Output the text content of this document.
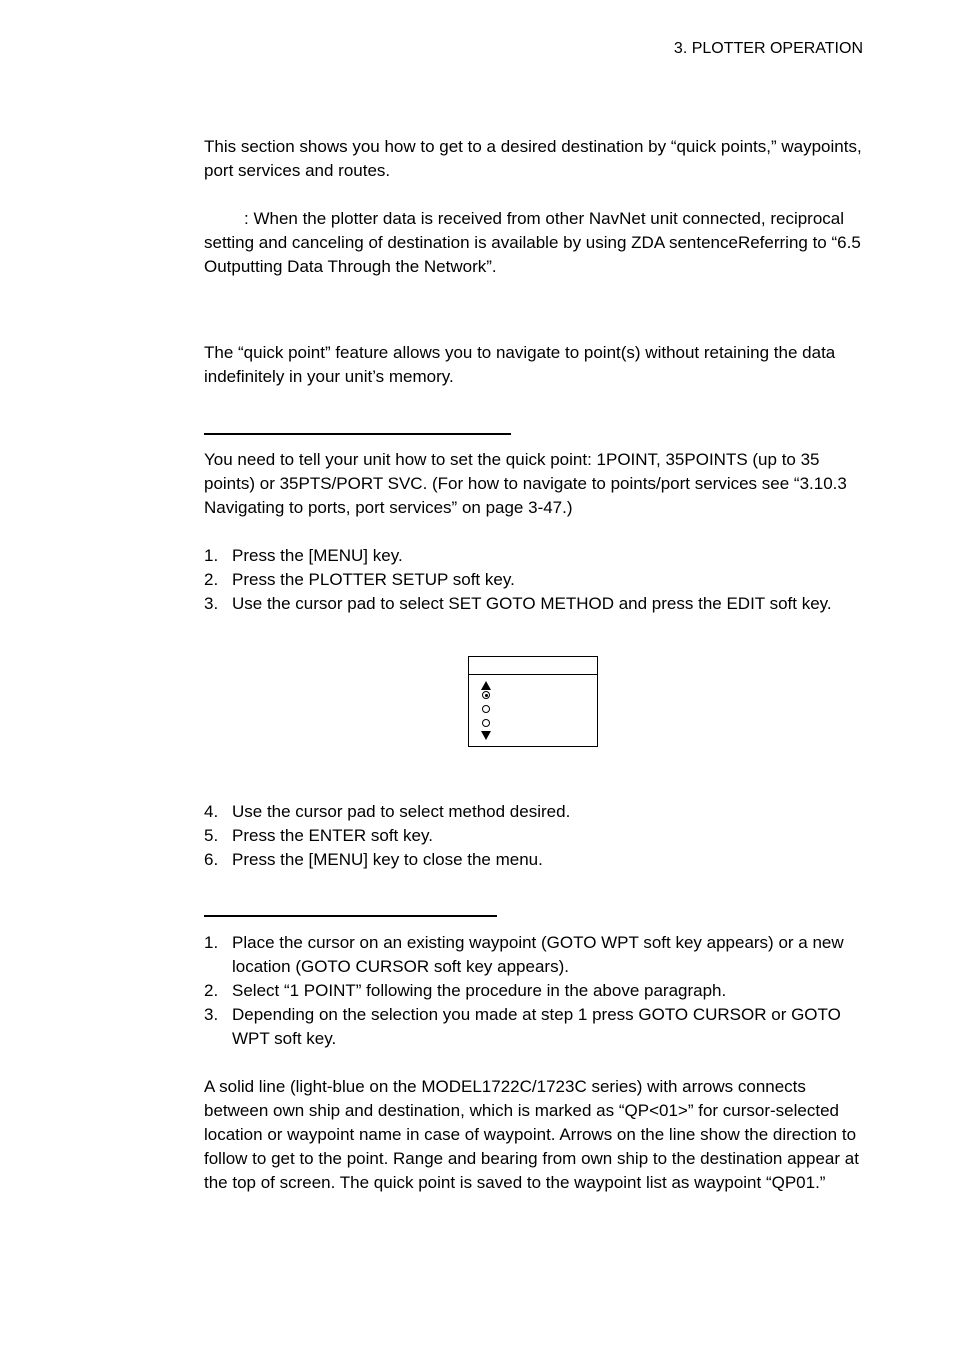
3. PLOTTER OPERATION

This section shows you how to get to a desired destination by “quick points,” waypoints, port services and routes.

: When the plotter data is received from other NavNet unit connected, reciprocal setting and canceling of destination is available by using ZDA sentenceReferring to “6.5 Outputting Data Through the Network”.

The “quick point” feature allows you to navigate to point(s) without retaining the data indefinitely in your unit’s memory.

You need to tell your unit how to set the quick point: 1POINT, 35POINTS (up to 35 points) or 35PTS/PORT SVC. (For how to navigate to points/port services see “3.10.3 Navigating to ports, port services” on page 3-47.)

1. Press the [MENU] key.
2. Press the PLOTTER SETUP soft key.
3. Use the cursor pad to select SET GOTO METHOD and press the EDIT soft key.
4. Use the cursor pad to select method desired.
5. Press the ENTER soft key.
6. Press the [MENU] key to close the menu.
1. Place the cursor on an existing waypoint (GOTO WPT soft key appears) or a new location (GOTO CURSOR soft key appears).
2. Select “1 POINT” following the procedure in the above paragraph.
3. Depending on the selection you made at step 1 press GOTO CURSOR or GOTO WPT soft key.

A solid line (light-blue on the MODEL1722C/1723C series) with arrows connects between own ship and destination, which is marked as “QP<01>” for cursor-selected location or waypoint name in case of waypoint. Arrows on the line show the direction to follow to get to the point. Range and bearing from own ship to the destination appear at the top of screen. The quick point is saved to the waypoint list as waypoint “QP01.”
